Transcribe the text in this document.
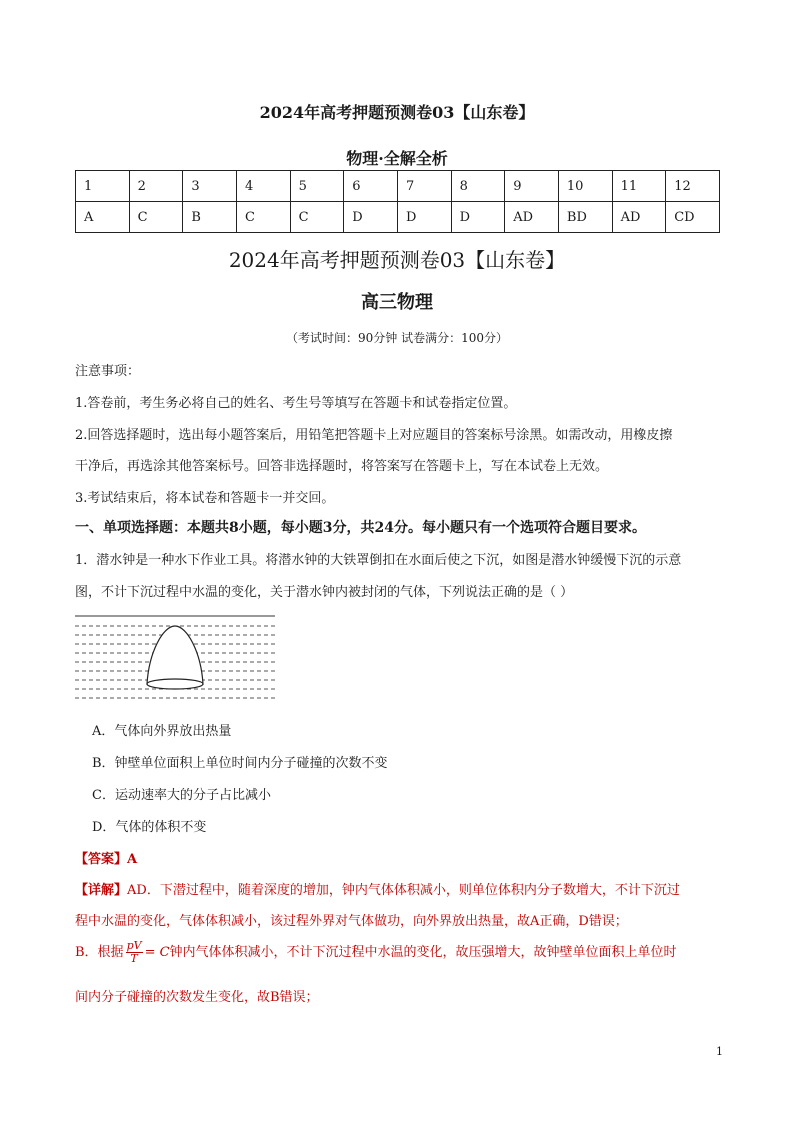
2024年高考押题预测卷03【山东卷】
物理·全解全析
1	2	3	4	5	6	7	8	9	10	11	12
A	C	B	C	C	D	D	D	AD	BD	AD	CD
2024年高考押题预测卷03【山东卷】
高三物理
（考试时间：90分钟 试卷满分：100分）
注意事项：
1.答卷前，考生务必将自己的姓名、考生号等填写在答题卡和试卷指定位置。
2.回答选择题时，选出每小题答案后，用铅笔把答题卡上对应题目的答案标号涂黑。如需改动，用橡皮擦
干净后，再选涂其他答案标号。回答非选择题时，将答案写在答题卡上，写在本试卷上无效。
3.考试结束后，将本试卷和答题卡一并交回。
一、单项选择题：本题共8小题，每小题3分，共24分。每小题只有一个选项符合题目要求。
1．潜水钟是一种水下作业工具。将潜水钟的大铁罩倒扣在水面后使之下沉，如图是潜水钟缓慢下沉的示意
图，不计下沉过程中水温的变化，关于潜水钟内被封闭的气体，下列说法正确的是（ ）
A．气体向外界放出热量
B．钟壁单位面积上单位时间内分子碰撞的次数不变
C．运动速率大的分子占比减小
D．气体的体积不变
【答案】A
【详解】AD．下潜过程中，随着深度的增加，钟内气体体积减小，则单位体积内分子数增大，不计下沉过
程中水温的变化，气体体积减小，该过程外界对气体做功，向外界放出热量，故A正确，D错误；
B．根据 $\frac{pV}{T} = C$钟内气体体积减小，不计下沉过程中水温的变化，故压强增大，故钟壁单位面积上单位时
间内分子碰撞的次数发生变化，故B错误；
1
